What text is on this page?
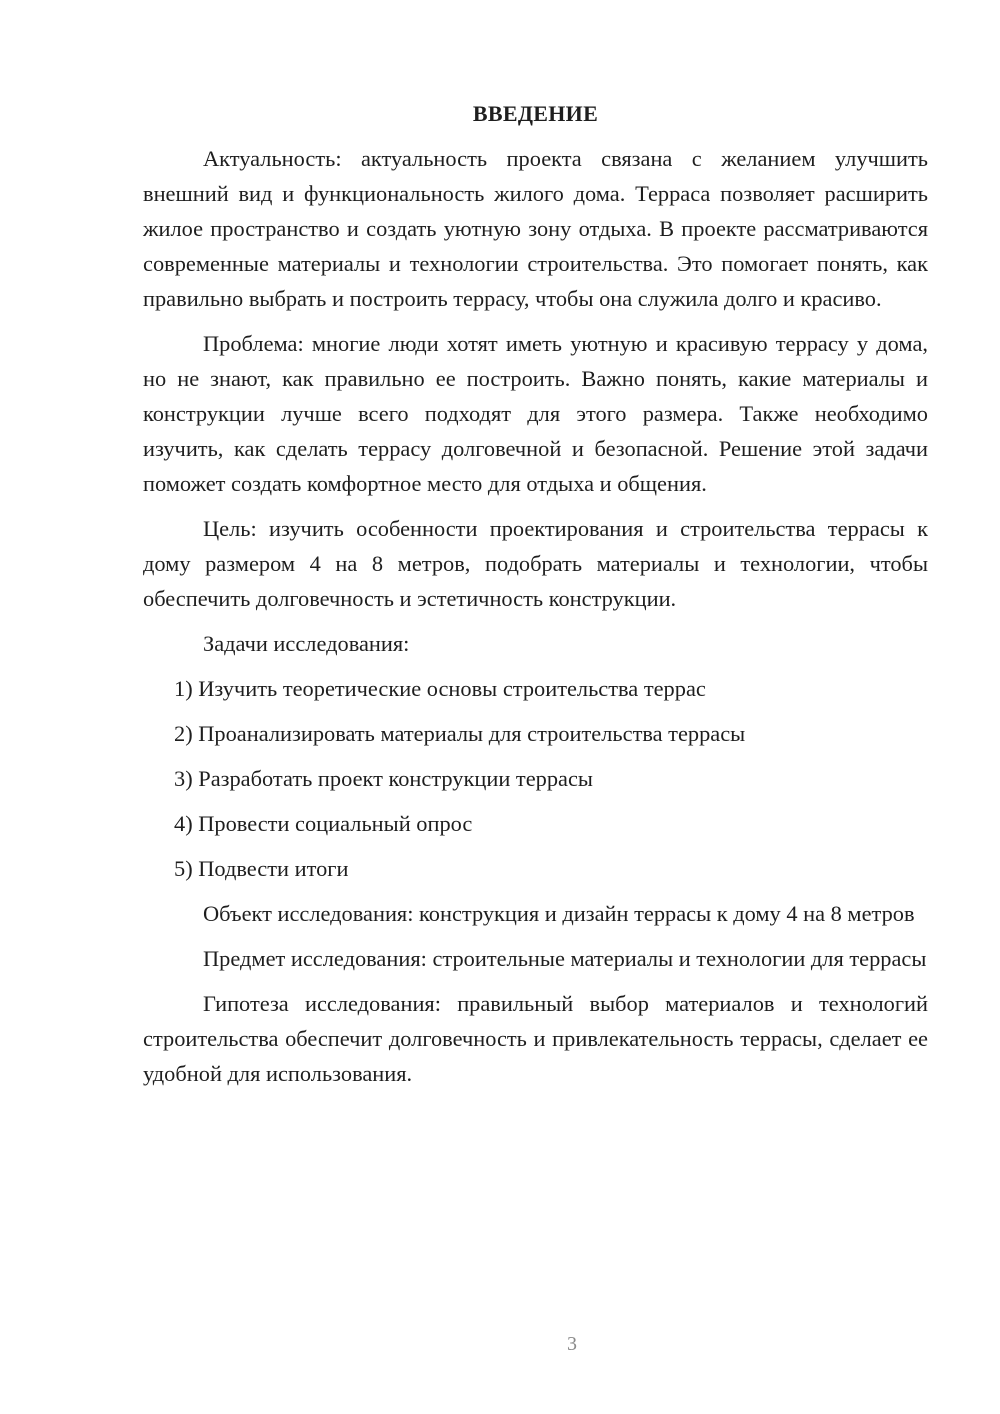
ВВЕДЕНИЕ

Актуальность: актуальность проекта связана с желанием улучшить внешний вид и функциональность жилого дома. Терраса позволяет расширить жилое пространство и создать уютную зону отдыха. В проекте рассматриваются современные материалы и технологии строительства. Это помогает понять, как правильно выбрать и построить террасу, чтобы она служила долго и красиво.

Проблема: многие люди хотят иметь уютную и красивую террасу у дома, но не знают, как правильно ее построить. Важно понять, какие материалы и конструкции лучше всего подходят для этого размера. Также необходимо изучить, как сделать террасу долговечной и безопасной. Решение этой задачи поможет создать комфортное место для отдыха и общения.

Цель: изучить особенности проектирования и строительства террасы к дому размером 4 на 8 метров, подобрать материалы и технологии, чтобы обеспечить долговечность и эстетичность конструкции.

Задачи исследования:

1) Изучить теоретические основы строительства террас
2) Проанализировать материалы для строительства террасы
3) Разработать проект конструкции террасы
4) Провести социальный опрос
5) Подвести итоги

Объект исследования: конструкция и дизайн террасы к дому 4 на 8 метров

Предмет исследования: строительные материалы и технологии для террасы

Гипотеза исследования: правильный выбор материалов и технологий строительства обеспечит долговечность и привлекательность террасы, сделает ее удобной для использования.

3
